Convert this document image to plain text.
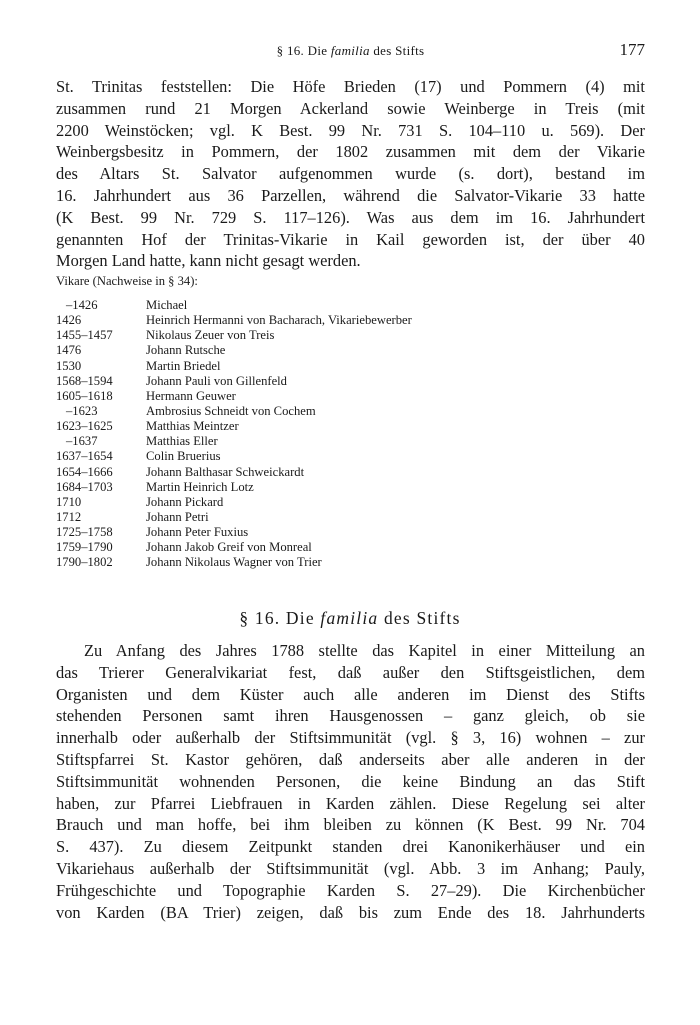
§ 16. Die familia des Stifts	177
St. Trinitas feststellen: Die Höfe Brieden (17) und Pommern (4) mit
zusammen rund 21 Morgen Ackerland sowie Weinberge in Treis (mit
2200 Weinstöcken; vgl. K Best. 99 Nr. 731 S. 104–110 u. 569). Der
Weinbergsbesitz in Pommern, der 1802 zusammen mit dem der Vikarie
des Altars St. Salvator aufgenommen wurde (s. dort), bestand im
16. Jahrhundert aus 36 Parzellen, während die Salvator-Vikarie 33 hatte
(K Best. 99 Nr. 729 S. 117–126). Was aus dem im 16. Jahrhundert
genannten Hof der Trinitas-Vikarie in Kail geworden ist, der über 40
Morgen Land hatte, kann nicht gesagt werden.
Vikare (Nachweise in § 34):
–1426	Michael
1426	Heinrich Hermanni von Bacharach, Vikariebewerber
1455–1457	Nikolaus Zeuer von Treis
1476	Johann Rutsche
1530	Martin Briedel
1568–1594	Johann Pauli von Gillenfeld
1605–1618	Hermann Geuwer
–1623	Ambrosius Schneidt von Cochem
1623–1625	Matthias Meintzer
–1637	Matthias Eller
1637–1654	Colin Bruerius
1654–1666	Johann Balthasar Schweickardt
1684–1703	Martin Heinrich Lotz
1710	Johann Pickard
1712	Johann Petri
1725–1758	Johann Peter Fuxius
1759–1790	Johann Jakob Greif von Monreal
1790–1802	Johann Nikolaus Wagner von Trier
§ 16. Die familia des Stifts
Zu Anfang des Jahres 1788 stellte das Kapitel in einer Mitteilung an
das Trierer Generalvikariat fest, daß außer den Stiftsgeistlichen, dem
Organisten und dem Küster auch alle anderen im Dienst des Stifts
stehenden Personen samt ihren Hausgenossen – ganz gleich, ob sie
innerhalb oder außerhalb der Stiftsimmunität (vgl. § 3, 16) wohnen – zur
Stiftspfarrei St. Kastor gehören, daß anderseits aber alle anderen in der
Stiftsimmunität wohnenden Personen, die keine Bindung an das Stift
haben, zur Pfarrei Liebfrauen in Karden zählen. Diese Regelung sei alter
Brauch und man hoffe, bei ihm bleiben zu können (K Best. 99 Nr. 704
S. 437). Zu diesem Zeitpunkt standen drei Kanonikerhäuser und ein
Vikariehaus außerhalb der Stiftsimmunität (vgl. Abb. 3 im Anhang; Pauly,
Frühgeschichte und Topographie Karden S. 27–29). Die Kirchenbücher
von Karden (BA Trier) zeigen, daß bis zum Ende des 18. Jahrhunderts
